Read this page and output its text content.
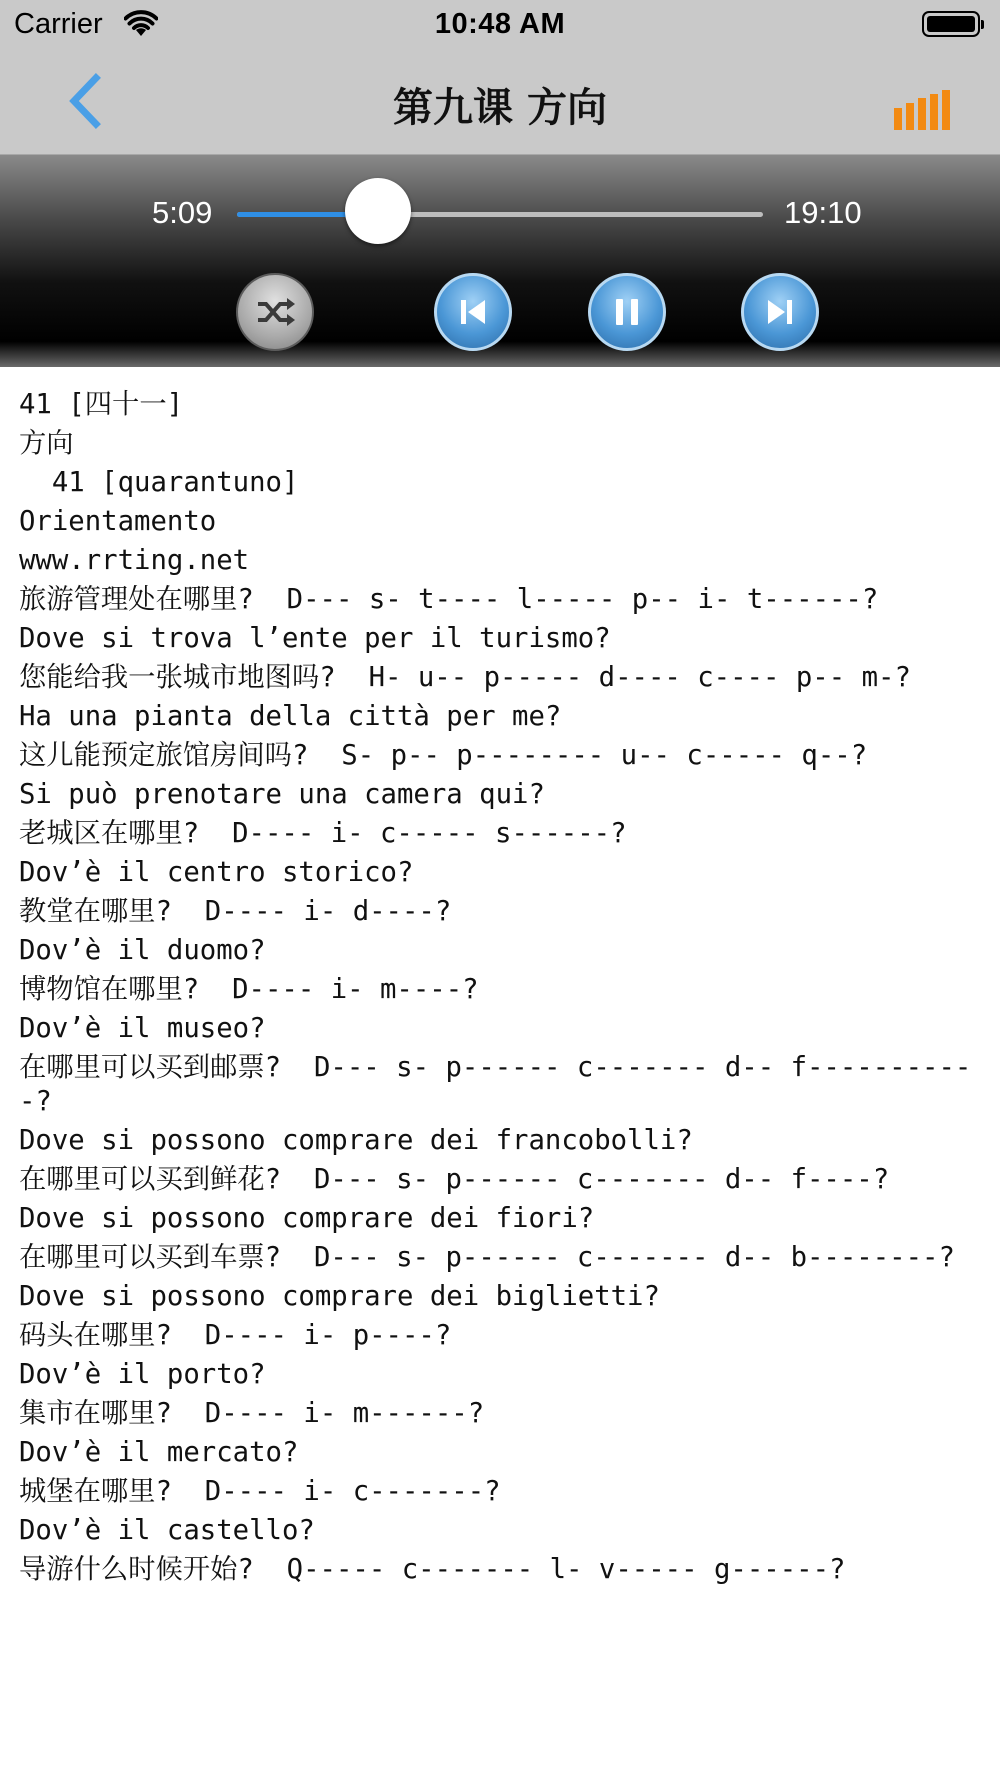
Carrier	10:48 AM
第九课 方向
5:09	19:10
41 [四十一]
方向
41 [quarantuno]
Orientamento
www.rrting.net
旅游管理处在哪里?  D--- s- t---- l----- p-- i- t------?
Dove si trova l’ente per il turismo?
您能给我一张城市地图吗?  H- u-- p----- d---- c---- p-- m-?
Ha una pianta della città per me?
这儿能预定旅馆房间吗?  S- p-- p-------- u-- c----- q--?
Si può prenotare una camera qui?
老城区在哪里?  D---- i- c----- s------?
Dov’è il centro storico?
教堂在哪里?  D---- i- d----?
Dov’è il duomo?
博物馆在哪里?  D---- i- m----?
Dov’è il museo?
在哪里可以买到邮票?  D--- s- p------ c------- d-- f-----------?
Dove si possono comprare dei francobolli?
在哪里可以买到鲜花?  D--- s- p------ c------- d-- f----?
Dove si possono comprare dei fiori?
在哪里可以买到车票?  D--- s- p------ c------- d-- b--------?
Dove si possono comprare dei biglietti?
码头在哪里?  D---- i- p----?
Dov’è il porto?
集市在哪里?  D---- i- m------?
Dov’è il mercato?
城堡在哪里?  D---- i- c-------?
Dov’è il castello?
导游什么时候开始?  Q----- c------- l- v----- g------?
